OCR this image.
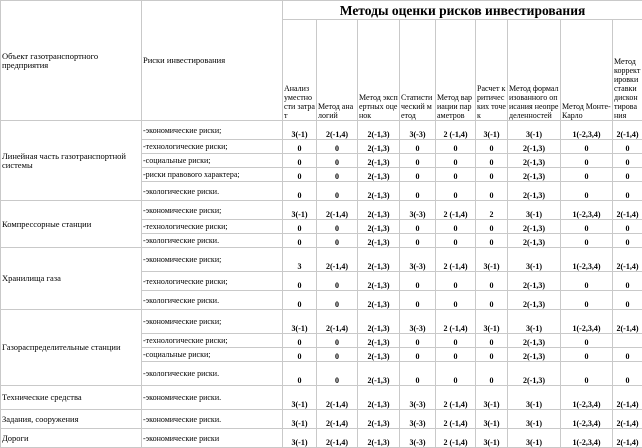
Объект газотранспортного предприятия	Риски инвестирования	Методы оценки рисков инвестирования								
		Анализ уместности затрат	Метод аналогий	Метод экспертных оценок	Статистический метод	Метод вариации параметров	Расчет критических точек	Метод формализованного описания неопределенностей	Метод Монте-Карло	Метод корректировки ставки дисконтирования
Линейная часть газотранспортной системы	-экономические риски;	3(-1)	2(-1,4)	2(-1,3)	3(-3)	2 (-1,4)	3(-1)	3(-1)	1(-2,3,4)	2(-1,4)
	-технологические риски;	0	0	2(-1,3)	0	0	0	2(-1,3)	0	0
	-социальные риски;	0	0	2(-1,3)	0	0	0	2(-1,3)	0	0
	-риски правового характера;	0	0	2(-1,3)	0	0	0	2(-1,3)	0	0
	-экологические риски.	0	0	2(-1,3)	0	0	0	2(-1,3)	0	0
Компрессорные станции	-экономические риски;	3(-1)	2(-1,4)	2(-1,3)	3(-3)	2 (-1,4)	2	3(-1)	1(-2,3,4)	2(-1,4)
	-технологические риски;	0	0	2(-1,3)	0	0	0	2(-1,3)	0	0
	-экологические риски.	0	0	2(-1,3)	0	0	0	2(-1,3)	0	0
Хранилища газа	-экономические риски;	3	2(-1,4)	2(-1,3)	3(-3)	2 (-1,4)	3(-1)	3(-1)	1(-2,3,4)	2(-1,4)
	-технологические риски;	0	0	2(-1,3)	0	0	0	2(-1,3)	0	0
	-экологические риски.	0	0	2(-1,3)	0	0	0	2(-1,3)	0	0
Газораспределительные станции	-экономические риски;	3(-1)	2(-1,4)	2(-1,3)	3(-3)	2 (-1,4)	3(-1)	3(-1)	1(-2,3,4)	2(-1,4)
	-технологические риски;	0	0	2(-1,3)	0	0	0	2(-1,3)	0	
	-социальные риски;	0	0	2(-1,3)	0	0	0	2(-1,3)	0	0
	-экологические риски.	0	0	2(-1,3)	0	0	0	2(-1,3)	0	0
Технические средства	-экономические риски.	3(-1)	2(-1,4)	2(-1,3)	3(-3)	2 (-1,4)	3(-1)	3(-1)	1(-2,3,4)	2(-1,4)
Задания, сооружения	-экономические риски.	3(-1)	2(-1,4)	2(-1,3)	3(-3)	2 (-1,4)	3(-1)	3(-1)	1(-2,3,4)	2(-1,4)
Дороги	-экономические риски	3(-1)	2(-1,4)	2(-1,3)	3(-3)	2 (-1,4)	3(-1)	3(-1)	1(-2,3,4)	2(-1,4)
